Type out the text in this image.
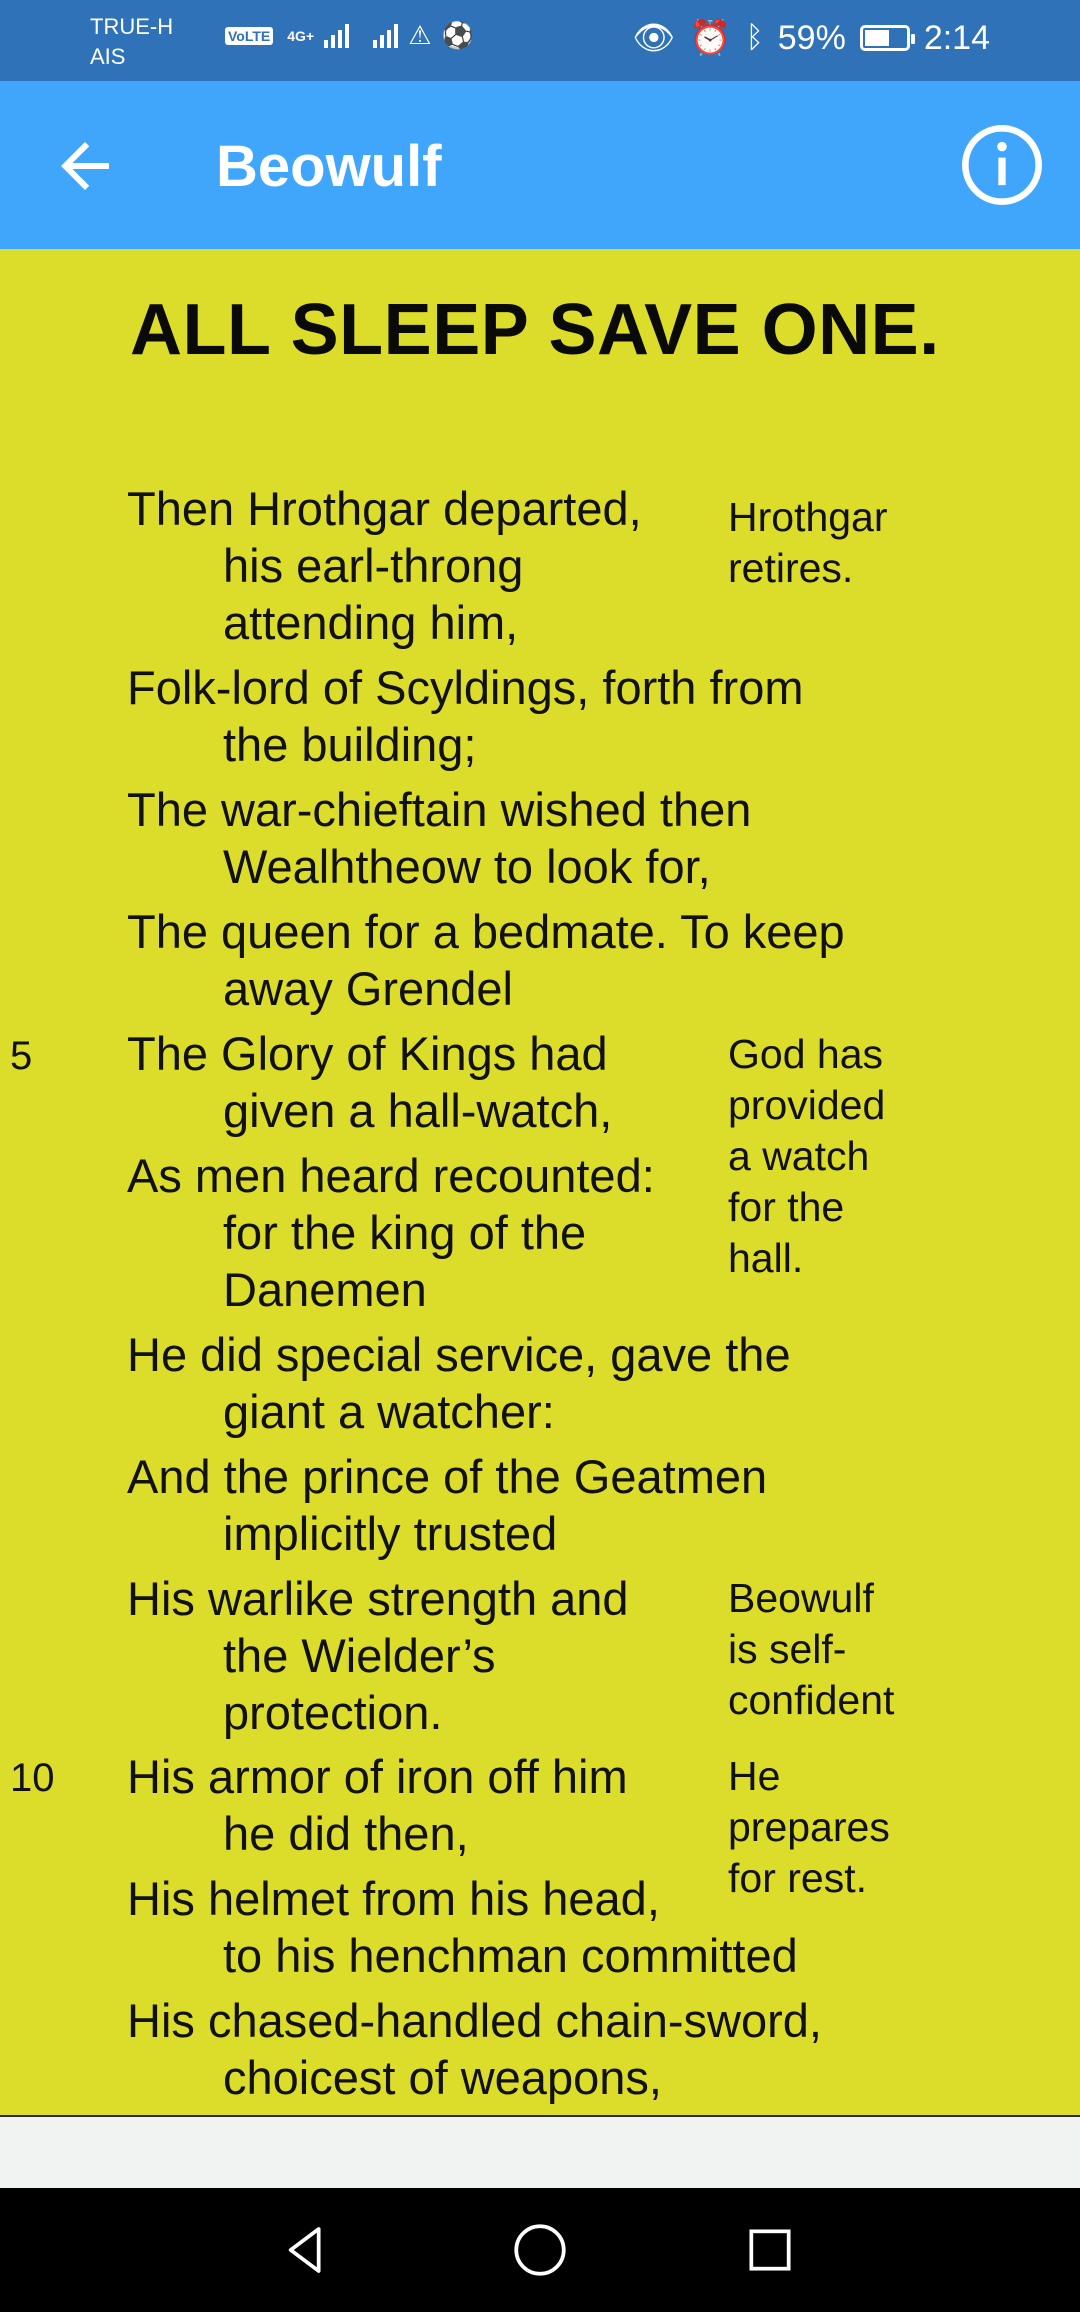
TRUE-H
AIS
VoLTE 4G+	⚠ ⚽	👁 ⏰ ᛒ 59% 2:14
Beowulf
ALL SLEEP SAVE ONE.
Then Hrothgar departed,
his earl-throng
attending him,
Folk-lord of Scyldings, forth from
the building;
The war-chieftain wished then
Wealhtheow to look for,
The queen for a bedmate. To keep
away Grendel
5 The Glory of Kings had
given a hall-watch,
As men heard recounted:
for the king of the
Danemen
He did special service, gave the
giant a watcher:
And the prince of the Geatmen
implicitly trusted
His warlike strength and
the Wielder’s
protection.
10 His armor of iron off him
he did then,
His helmet from his head,
to his henchman committed
His chased-handled chain-sword,
choicest of weapons,
Hrothgar
retires.
God has
provided
a watch
for the
hall.
Beowulf
is self-
confident
He
prepares
for rest.
